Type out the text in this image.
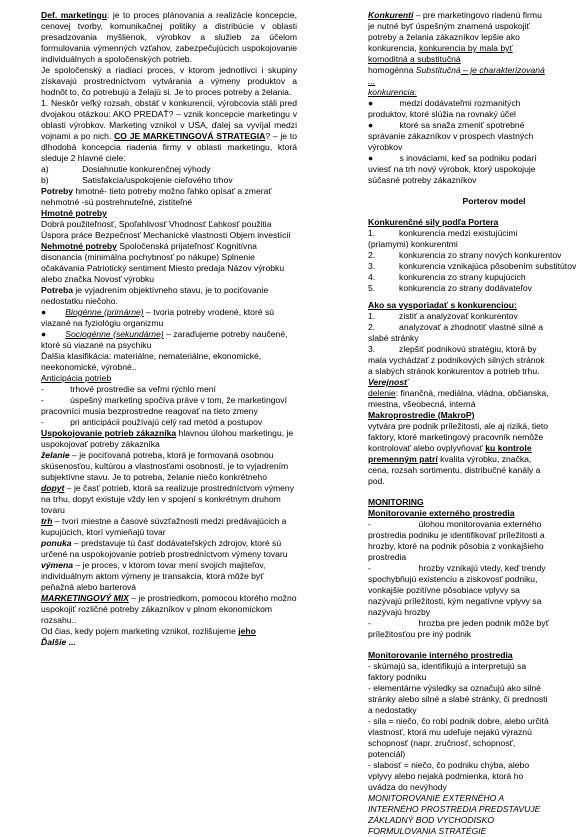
Def. marketingu: je to proces plánovania a realizácie koncepcie, cenovej tvorby, komunikačnej politiky a distribúcie v oblasti presadzovania myšlienok, výrobkov a služieb za účelom formulovania výmenných vzťahov, zabezpečujúcich uspokojovanie individuálnych a spoločenských potrieb.

Je spoločenský a riadiaci proces, v ktorom jednotlivci i skupiny získavajú prostredníctvom vytvárania a výmeny produktov a hodnôt to, čo potrebujú a želajú si. Je to proces potreby a želania.

1. Neskôr veľký rozsah, obstáť v konkurencii, výrobcovia stáli pred dvojakou otázkou: AKO PREDAŤ? – vznik koncepcie marketingu v oblasti výrobkov. Marketing vznikol v USA, ďalej sa vyvíjal medzi vojnami a po nich. CO JE MARKETINGOVÁ STRATEGIA? – je to dlhodobá koncepcia riadenia firmy v oblasti marketingu, ktorá sleduje 2 hlavné ciele:

a)              Dosiahnutie konkurenčnej výhody

b)              Satisfakcia/uspokojenie cieľového trhov

Potreby hmotné- tieto potreby možno ľahko opísať a zmerať

nehmotné -sú postrehnuteľné, zistiteľné

Hmotné potreby

Dobrá použiteľnosť, Spoľahlivosť Vhodnosť Ľahkosť použitia Úspora práce Bezpečnosť Mechanické vlastnosti Objem investícií

Nehmotné potreby Spoločenská prijateľnosť Kognitívna disonancia (minimálna pochybnosť po nákupe) Splnenie očakávania Patriotický sentiment Miesto predaja Názov výrobku alebo značka Novosť výrobku

Potreba je vyjadrením objektívneho stavu, je to pociťovanie nedostatku niečoho.

●        Biogénne (primárne) – tvoria potreby vrodené, ktoré sú viazané na fyziológiu organizmu

●        Sociogénne (sekundárne) – zaraďujeme potreby naučené, ktoré sú viazané na psychiku

Ďalšia klasifikácia: materiálne, nemateriálne, ekonomické, neekonomické, výrobné..

Anticipácia potrieb

-           trhové prostredie sa veľmi rýchlo mení

-           úspešný marketing spočíva práve v tom, že marketingoví pracovníci musia bezprostredne reagovať na tieto zmeny

-           pri anticipácii používajú celý rad metód a postupov

Uspokojovanie potrieb zákazníka hlavnou úlohou marketingu, je uspokojovať potreby zákazníka

želanie – je pociťovaná potreba, ktorá je formovaná osobnou skúsenosťou, kultúrou a vlastnosťami osobnosti, je to vyjadrením subjektívne stavu. Je to potreba, želanie niečo konkrétneho

dopyt – je časť potrieb, ktorá sa realizuje prostredníctvom výmeny na trhu, dopyt existuje vždy len v spojení s konkrétnym druhom tovaru

trh – tvorí miestne a časové súvzťažnosti medzi predávajúcich a kupujúcich, ktorí vymieňajú tovar

ponuka – predstavuje tú časť dodávateľských zdrojov, ktoré sú určené na uspokojovanie potrieb prostredníctvom výmeny tovaru

výmena – je proces, v ktorom tovar mení svojich majiteľov, individuálnym aktom výmeny je transakcia, ktorá môže byť peňažná alebo barterová

MARKETINGOVÝ MIX – je prostriedkom, pomocou ktorého možno uspokojiť rozličné potreby zákazníkov v plnom ekonomickom rozsahu..

Od čias, kedy pojem marketing vznikol, rozlišujeme jeho

Ďalšie ...

Konkurenti – pre marketingovo riadenú firmu je nutné byť úspešným znamená uspokojiť potreby a želania zákazníkov lepšie ako konkurencia, konkurencia by mala byť komoditná a substitučná

homogénna Substitučná – je charakterizovaná ...

konkurencia:

●           medzi dodávateľmi rozmanitých produktov, ktoré slúžia na rovnaký účel

●           ktoré sa snaža zmeniť spotrebné správanie zákazníkov v prospech vlastných výrobkov

●           s inováciami, keď sa podniku podarí uviesť na trh nový výrobok, ktorý uspokojuje súčasné potreby zákazníkov

Porterov model

Konkurenčné sily podľa Portera

1.          konkurencia medzi existujúcimi (priamymi) konkurentmi

2.          konkurencia zo strany nových konkurentov

3.          konkurencia vznikajúca pôsobením substitútov

4.          konkurencia zo strany kupujúcich

5.          konkurencia zo strany dodávateľov

Ako sa vysporiadať s konkurenciou:

1.          zistiť a analyzovať konkurentov

2.          analyzovať a zhodnotiť vlastné silné a slabé stránky

3.          zlepšiť podnikovú stratégiu, ktorá by mala vychádzať z podnikových silných stránok a slabých stránok konkurentov a potrieb trhu.

Verejnosť

delenie: finančná, mediálna, vládna, občianska, miestna, všeobecná, interná

Makroprostredie (MakroP)

vytvára pre podnik príležitosti, ale aj riziká, tieto faktory, ktoré marketingový pracovník nemôže kontrolovať alebo ovplyvňovať ku kontrole premenným patrí kvalita výrobku, značka, cena, rozsah sortimentu, distribučné kanály a pod.

MONITORING

Monitorovanie externého prostredia

-                    úlohou monitorovania externého prostredia podniku je identifikovať príležitosti a hrozby, ktoré na podnik pôsobia z vonkajšieho prostredia

-                    hrozby vznikajú vtedy, keď trendy spochybňujú existenciu a ziskovosť podniku, vonkajšie pozitívne pôsobiace vplyvy sa nazývajú príležitosti, kým negatívne vplyvy sa nazývajú hrozby

-                    hrozba pre jeden podnik môže byť príležitosťou pre iný podnik

Monitorovanie interného prostredia

- skúmajú sa, identifikujú a interpretujú sa faktory podniku

- elementárne výsledky sa označujú ako silné stránky alebo silné a slabé stránky, či prednosti a nedostatky

- sila = niečo, čo robí podnik dobre, alebo určitá vlastnosť, ktorá mu udeľuje nejakú výraznú schopnosť (napr. zručnosť, schopnosť, potenciál)

- slabosť = niečo, čo podniku chýba, alebo vplyvy alebo nejaká podmienka, ktorá ho uvádza do nevýhody

MONITOROVANIE EXTERNÉHO A INTERNÉHO PROSTREDIA PREDSTAVUJE ZÁKLADNÝ BOD VYCHODISKO FORMULOVANIA STRATÉGIE
